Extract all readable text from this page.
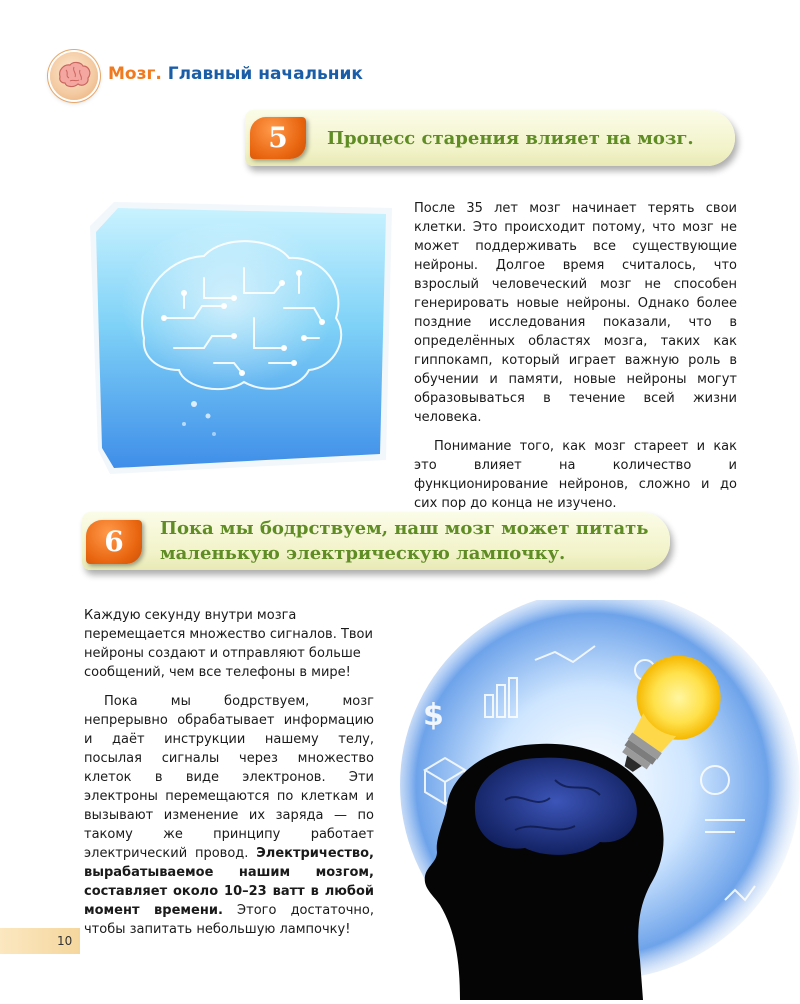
Мозг. Главный начальник
5	Процесс старения влияет на мозг.

После 35 лет мозг начинает терять свои клетки. Это происходит потому, что мозг не может поддерживать все существующие нейроны. Долгое время считалось, что взрослый человеческий мозг не способен генерировать новые нейроны. Однако более поздние исследования показали, что в определённых областях мозга, таких как гиппокамп, который играет важную роль в обучении и памяти, новые нейроны могут образовываться в течение всей жизни человека.

Понимание того, как мозг стареет и как это влияет на количество и функционирование нейронов, сложно и до сих пор до конца не изучено.

6	Пока мы бодрствуем, наш мозг может питать
маленькую электрическую лампочку.

Каждую секунду внутри мозга перемещается множество сигналов. Твои нейроны создают и отправляют больше сообщений, чем все телефоны в мире!

Пока мы бодрствуем, мозг непрерывно обрабатывает информацию и даёт инструкции нашему телу, посылая сигналы через множество клеток в виде электронов. Эти электроны перемещаются по клеткам и вызывают изменение их заряда — по такому же принципу работает электрический провод. Электричество, вырабатываемое нашим мозгом, составляет около 10–23 ватт в любой момент времени. Этого достаточно, чтобы запитать небольшую лампочку!

$
10
